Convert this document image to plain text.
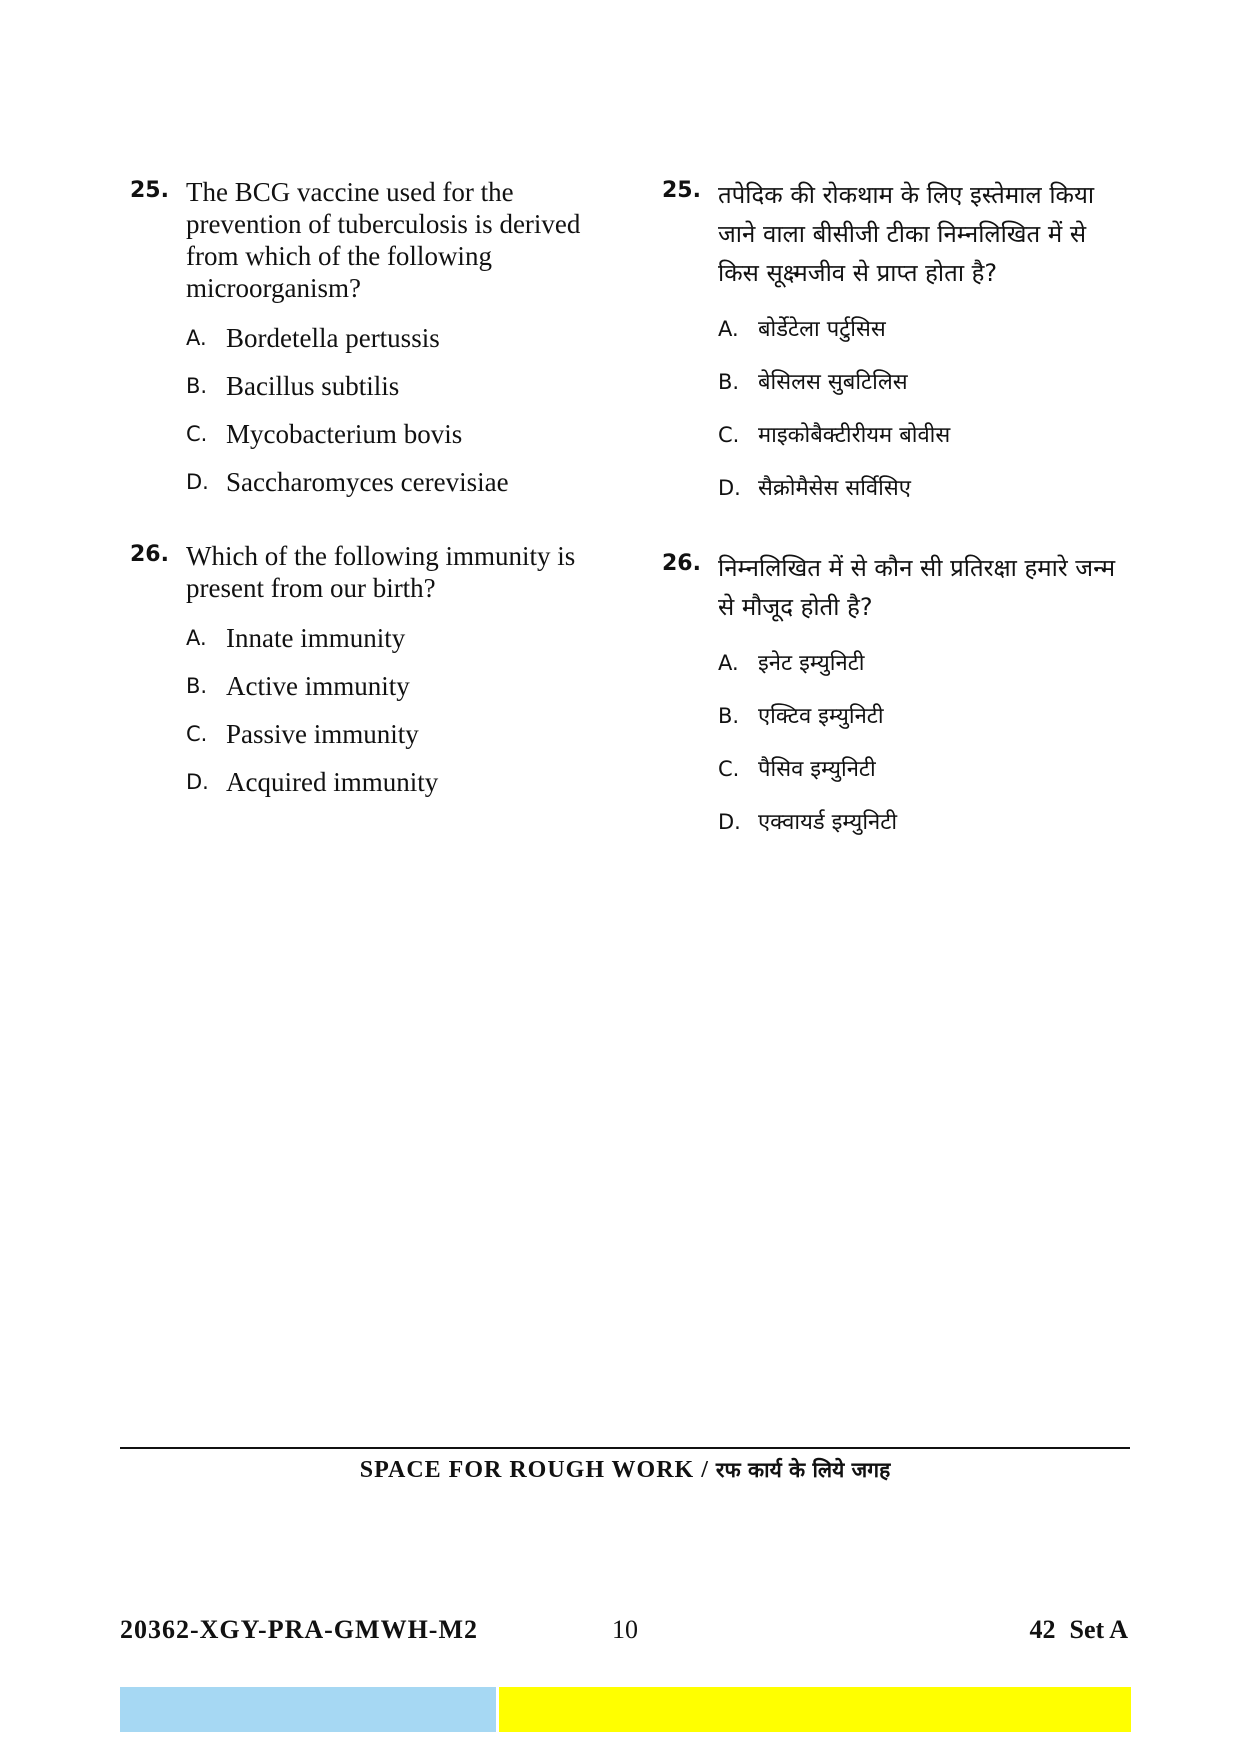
25. The BCG vaccine used for the prevention of tuberculosis is derived from which of the following microorganism?

A. Bordetella pertussis
B. Bacillus subtilis
C. Mycobacterium bovis
D. Saccharomyces cerevisiae
26. Which of the following immunity is present from our birth?

A. Innate immunity
B. Active immunity
C. Passive immunity
D. Acquired immunity
25. तपेदिक की रोकथाम के लिए इस्तेमाल किया जाने वाला बीसीजी टीका निम्नलिखित में से किस सूक्ष्मजीव से प्राप्त होता है?

A. बोर्डेटेला पर्टुसिस
B. बेसिलस सुबटिलिस
C. माइकोबैक्टीरीयम बोवीस
D. सैक्रोमैसेस सर्विसिए
26. निम्नलिखित में से कौन सी प्रतिरक्षा हमारे जन्म से मौजूद होती है?

A. इनेट इम्युनिटी
B. एक्टिव इम्युनिटी
C. पैसिव इम्युनिटी
D. एक्वायर्ड इम्युनिटी
SPACE FOR ROUGH WORK / रफ कार्य के लिये जगह
20362-XGY-PRA-GMWH-M2	10	42 Set A
